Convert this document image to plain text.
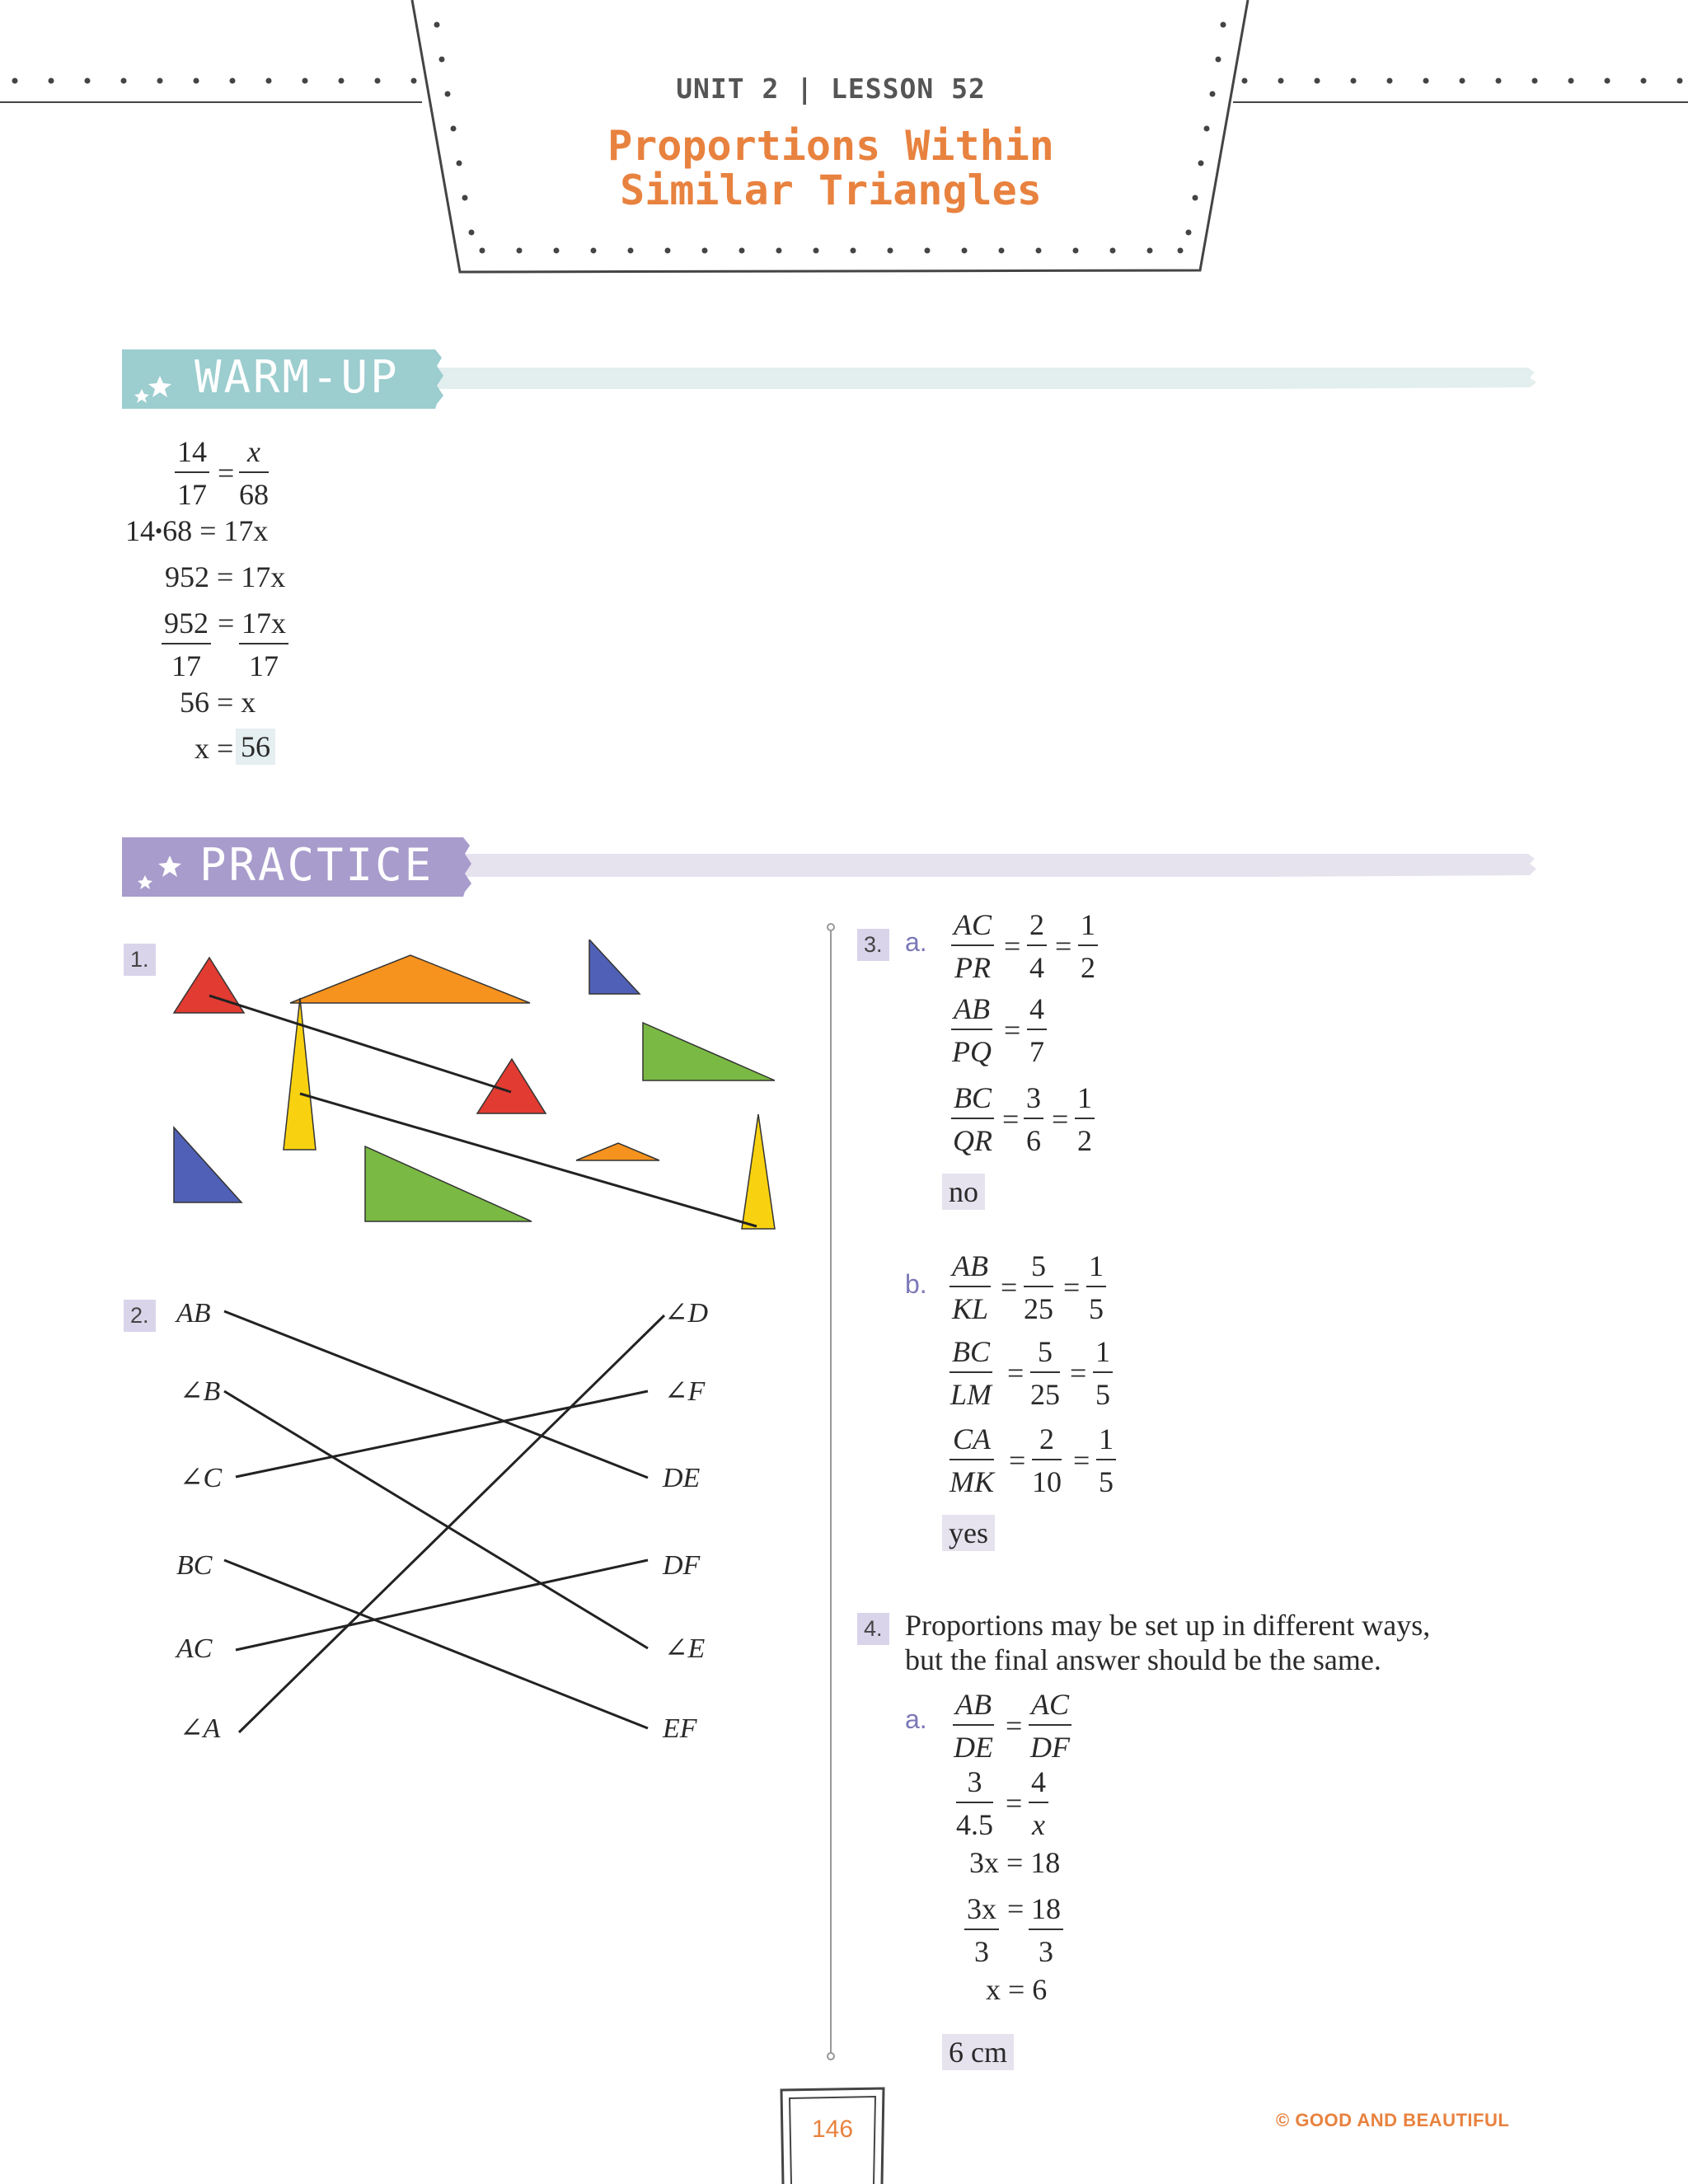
UNIT 2 | LESSON 52
Proportions Within
Similar Triangles
WARM-UP
$\frac{14}{17} = \frac{x}{68}$
14•68 = 17x
952 = 17x
$\frac{952}{17} = \frac{17x}{17}$
56 = x
x = 56
PRACTICE
1.
2. AB
∠B
∠C
BC
AC
∠A
∠D
∠F
DE
DF
∠E
EF
3. a. $\frac{AC}{PR} = \frac{2}{4} = \frac{1}{2}$
$\frac{AB}{PQ} = \frac{4}{7}$
$\frac{BC}{QR} = \frac{3}{6} = \frac{1}{2}$
no
b. $\frac{AB}{KL} = \frac{5}{25} = \frac{1}{5}$
$\frac{BC}{LM} = \frac{5}{25} = \frac{1}{5}$
$\frac{CA}{MK} = \frac{2}{10} = \frac{1}{5}$
yes
4. Proportions may be set up in different ways,
but the final answer should be the same.
a. $\frac{AB}{DE} = \frac{AC}{DF}$
$\frac{3}{4.5} = \frac{4}{x}$
3x = 18
$\frac{3x}{3} = \frac{18}{3}$
x = 6
6 cm
146	© GOOD AND BEAUTIFUL
